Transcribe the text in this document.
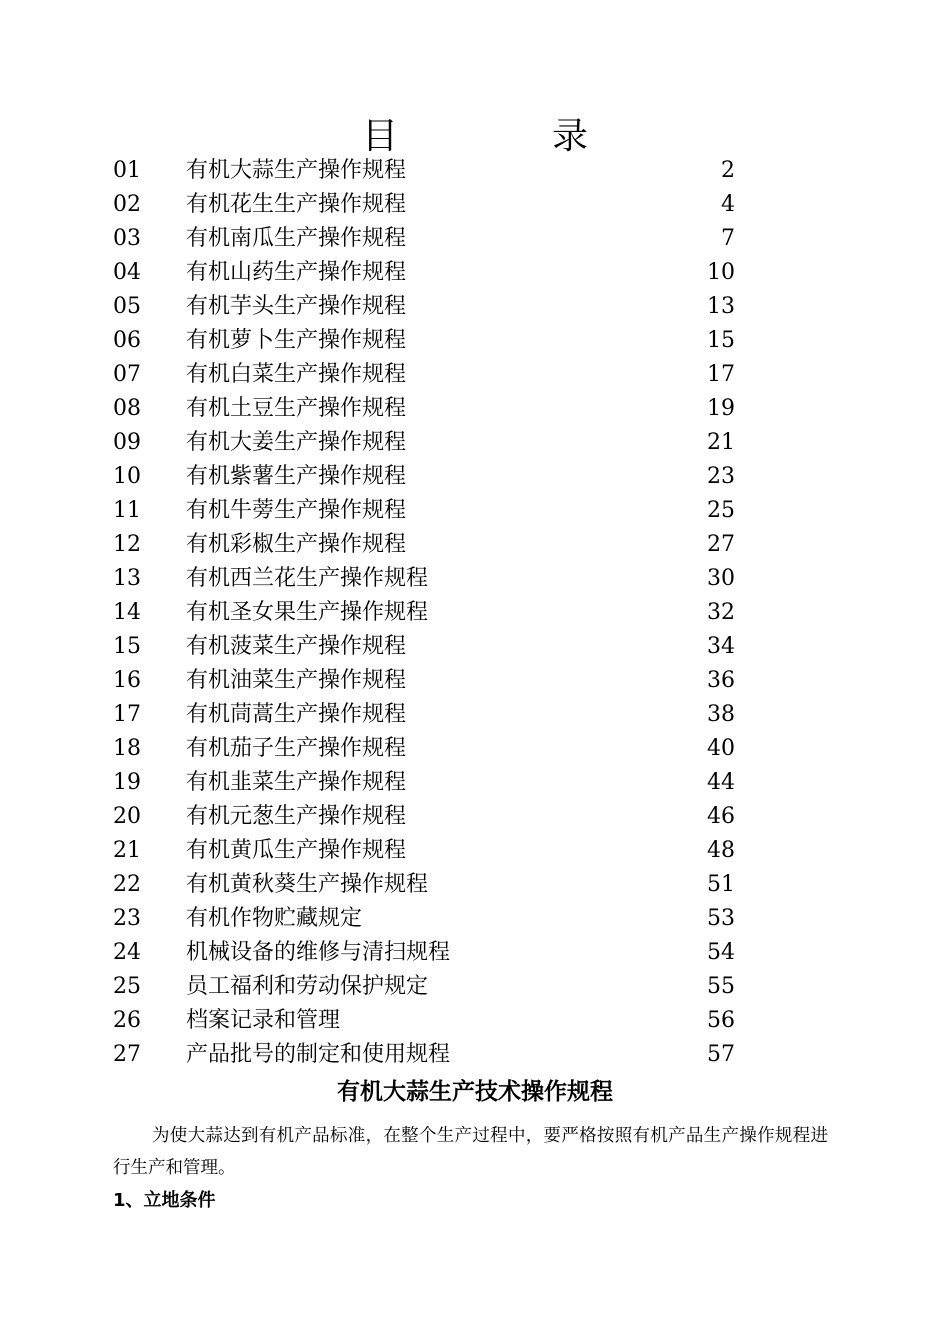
目	录
01 有机大蒜生产操作规程	2
02 有机花生生产操作规程	4
03 有机南瓜生产操作规程	7
04 有机山药生产操作规程	10
05 有机芋头生产操作规程	13
06 有机萝卜生产操作规程	15
07 有机白菜生产操作规程	17
08 有机土豆生产操作规程	19
09 有机大姜生产操作规程	21
10 有机紫薯生产操作规程	23
11 有机牛蒡生产操作规程	25
12 有机彩椒生产操作规程	27
13 有机西兰花生产操作规程	30
14 有机圣女果生产操作规程	32
15 有机菠菜生产操作规程	34
16 有机油菜生产操作规程	36
17 有机茼蒿生产操作规程	38
18 有机茄子生产操作规程	40
19 有机韭菜生产操作规程	44
20 有机元葱生产操作规程	46
21 有机黄瓜生产操作规程	48
22 有机黄秋葵生产操作规程	51
23 有机作物贮藏规定	53
24 机械设备的维修与清扫规程	54
25 员工福利和劳动保护规定	55
26 档案记录和管理	56
27 产品批号的制定和使用规程	57
有机大蒜生产技术操作规程

为使大蒜达到有机产品标准，在整个生产过程中，要严格按照有机产品生产操作规程进行生产和管理。

1、立地条件
